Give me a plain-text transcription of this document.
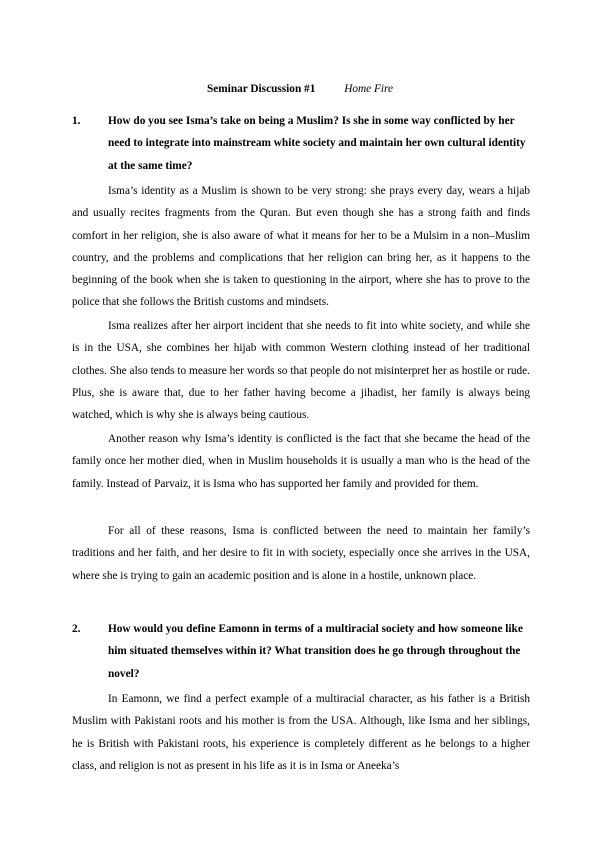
Seminar Discussion #1	Home Fire
1. How do you see Isma’s take on being a Muslim? Is she in some way conflicted by her need to integrate into mainstream white society and maintain her own cultural identity at the same time?

Isma’s identity as a Muslim is shown to be very strong: she prays every day, wears a hijab and usually recites fragments from the Quran. But even though she has a strong faith and finds comfort in her religion, she is also aware of what it means for her to be a Mulsim in a non–Muslim country, and the problems and complications that her religion can bring her, as it happens to the beginning of the book when she is taken to questioning in the airport, where she has to prove to the police that she follows the British customs and mindsets.

Isma realizes after her airport incident that she needs to fit into white society, and while she is in the USA, she combines her hijab with common Western clothing instead of her traditional clothes. She also tends to measure her words so that people do not misinterpret her as hostile or rude. Plus, she is aware that, due to her father having become a jihadist, her family is always being watched, which is why she is always being cautious.

Another reason why Isma’s identity is conflicted is the fact that she became the head of the family once her mother died, when in Muslim households it is usually a man who is the head of the family. Instead of Parvaiz, it is Isma who has supported her family and provided for them.

For all of these reasons, Isma is conflicted between the need to maintain her family’s traditions and her faith, and her desire to fit in with society, especially once she arrives in the USA, where she is trying to gain an academic position and is alone in a hostile, unknown place.

2. How would you define Eamonn in terms of a multiracial society and how someone like him situated themselves within it? What transition does he go through throughout the novel?

In Eamonn, we find a perfect example of a multiracial character, as his father is a British Muslim with Pakistani roots and his mother is from the USA. Although, like Isma and her siblings, he is British with Pakistani roots, his experience is completely different as he belongs to a higher class, and religion is not as present in his life as it is in Isma or Aneeka’s
